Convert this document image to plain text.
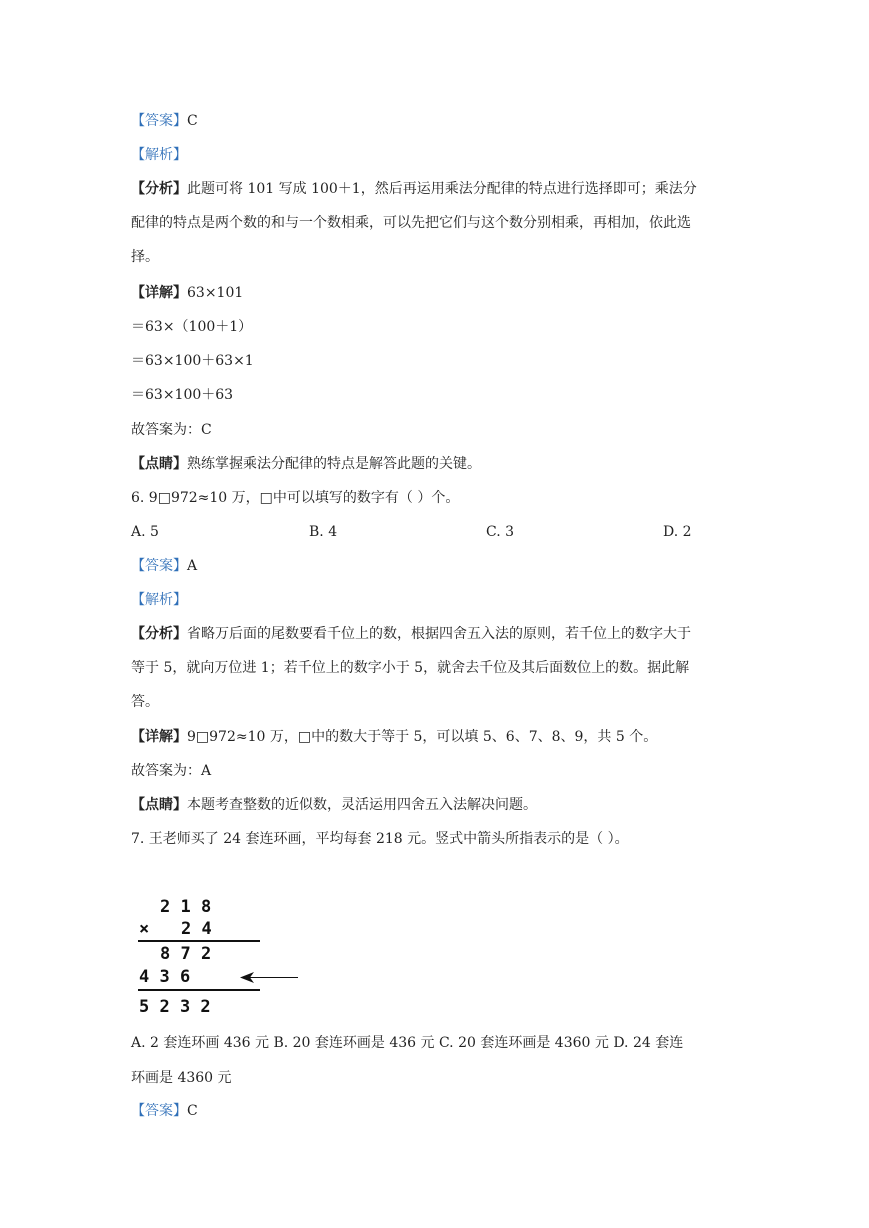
【答案】C
【解析】
【分析】此题可将 101 写成 100＋1，然后再运用乘法分配律的特点进行选择即可；乘法分
配律的特点是两个数的和与一个数相乘，可以先把它们与这个数分别相乘，再相加，依此选
择。
【详解】63×101
＝63×（100＋1）
＝63×100＋63×1
＝63×100＋63
故答案为：C
【点睛】熟练掌握乘法分配律的特点是解答此题的关键。
6. 9□972≈10 万，□中可以填写的数字有（ ）个。
A. 5	B. 4	C. 3	D. 2
【答案】A
【解析】
【分析】省略万后面的尾数要看千位上的数，根据四舍五入法的原则，若千位上的数字大于
等于 5，就向万位进 1；若千位上的数字小于 5，就舍去千位及其后面数位上的数。据此解
答。
【详解】9□972≈10 万，□中的数大于等于 5，可以填 5、6、7、8、9，共 5 个。
故答案为：A
【点睛】本题考查整数的近似数，灵活运用四舍五入法解决问题。
7. 王老师买了 24 套连环画，平均每套 218 元。竖式中箭头所指表示的是（ ）。
2 1 8
× 2 4
8 7 2
4 3 6
5 2 3 2
A. 2 套连环画 436 元 B. 20 套连环画是 436 元 C. 20 套连环画是 4360 元 D. 24 套连
环画是 4360 元
【答案】C
